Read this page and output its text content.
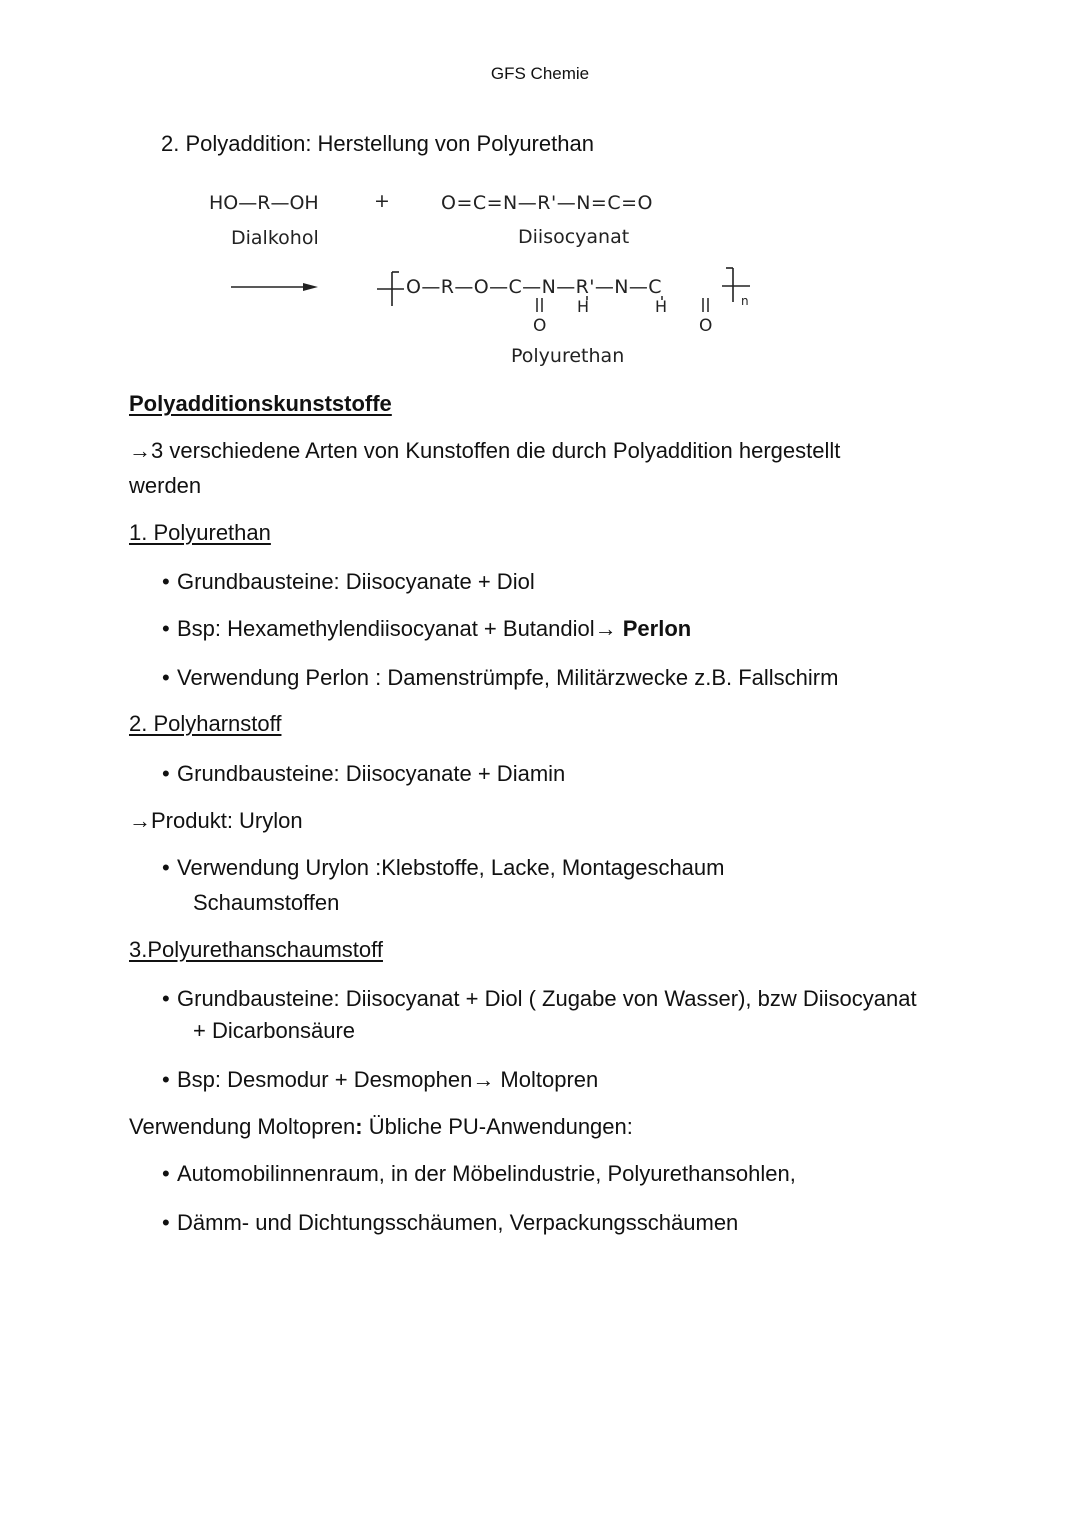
GFS Chemie
2. Polyaddition: Herstellung von Polyurethan
HO—R—OH	+	O=C=N—R'—N=C=O
Dialkohol	Diisocyanat
O—R—O—C—N—R'—N—C
n
H	H
O	O
Polyurethan
Polyadditionskunststoffe
→3 verschiedene Arten von Kunstoffen die durch Polyaddition hergestellt
werden
1. Polyurethan
• Grundbausteine: Diisocyanate + Diol
• Bsp: Hexamethylendiisocyanat + Butandiol→ Perlon
• Verwendung Perlon : Damenstrümpfe, Militärzwecke z.B. Fallschirm
2. Polyharnstoff
• Grundbausteine: Diisocyanate + Diamin
→Produkt: Urylon
• Verwendung Urylon :Klebstoffe, Lacke, Montageschaum
Schaumstoffen
3.Polyurethanschaumstoff
• Grundbausteine: Diisocyanat + Diol ( Zugabe von Wasser), bzw Diisocyanat
+ Dicarbonsäure
• Bsp: Desmodur + Desmophen→ Moltopren
Verwendung Moltopren: Übliche PU-Anwendungen:
• Automobilinnenraum, in der Möbelindustrie, Polyurethansohlen,
• Dämm- und Dichtungsschäumen, Verpackungsschäumen
